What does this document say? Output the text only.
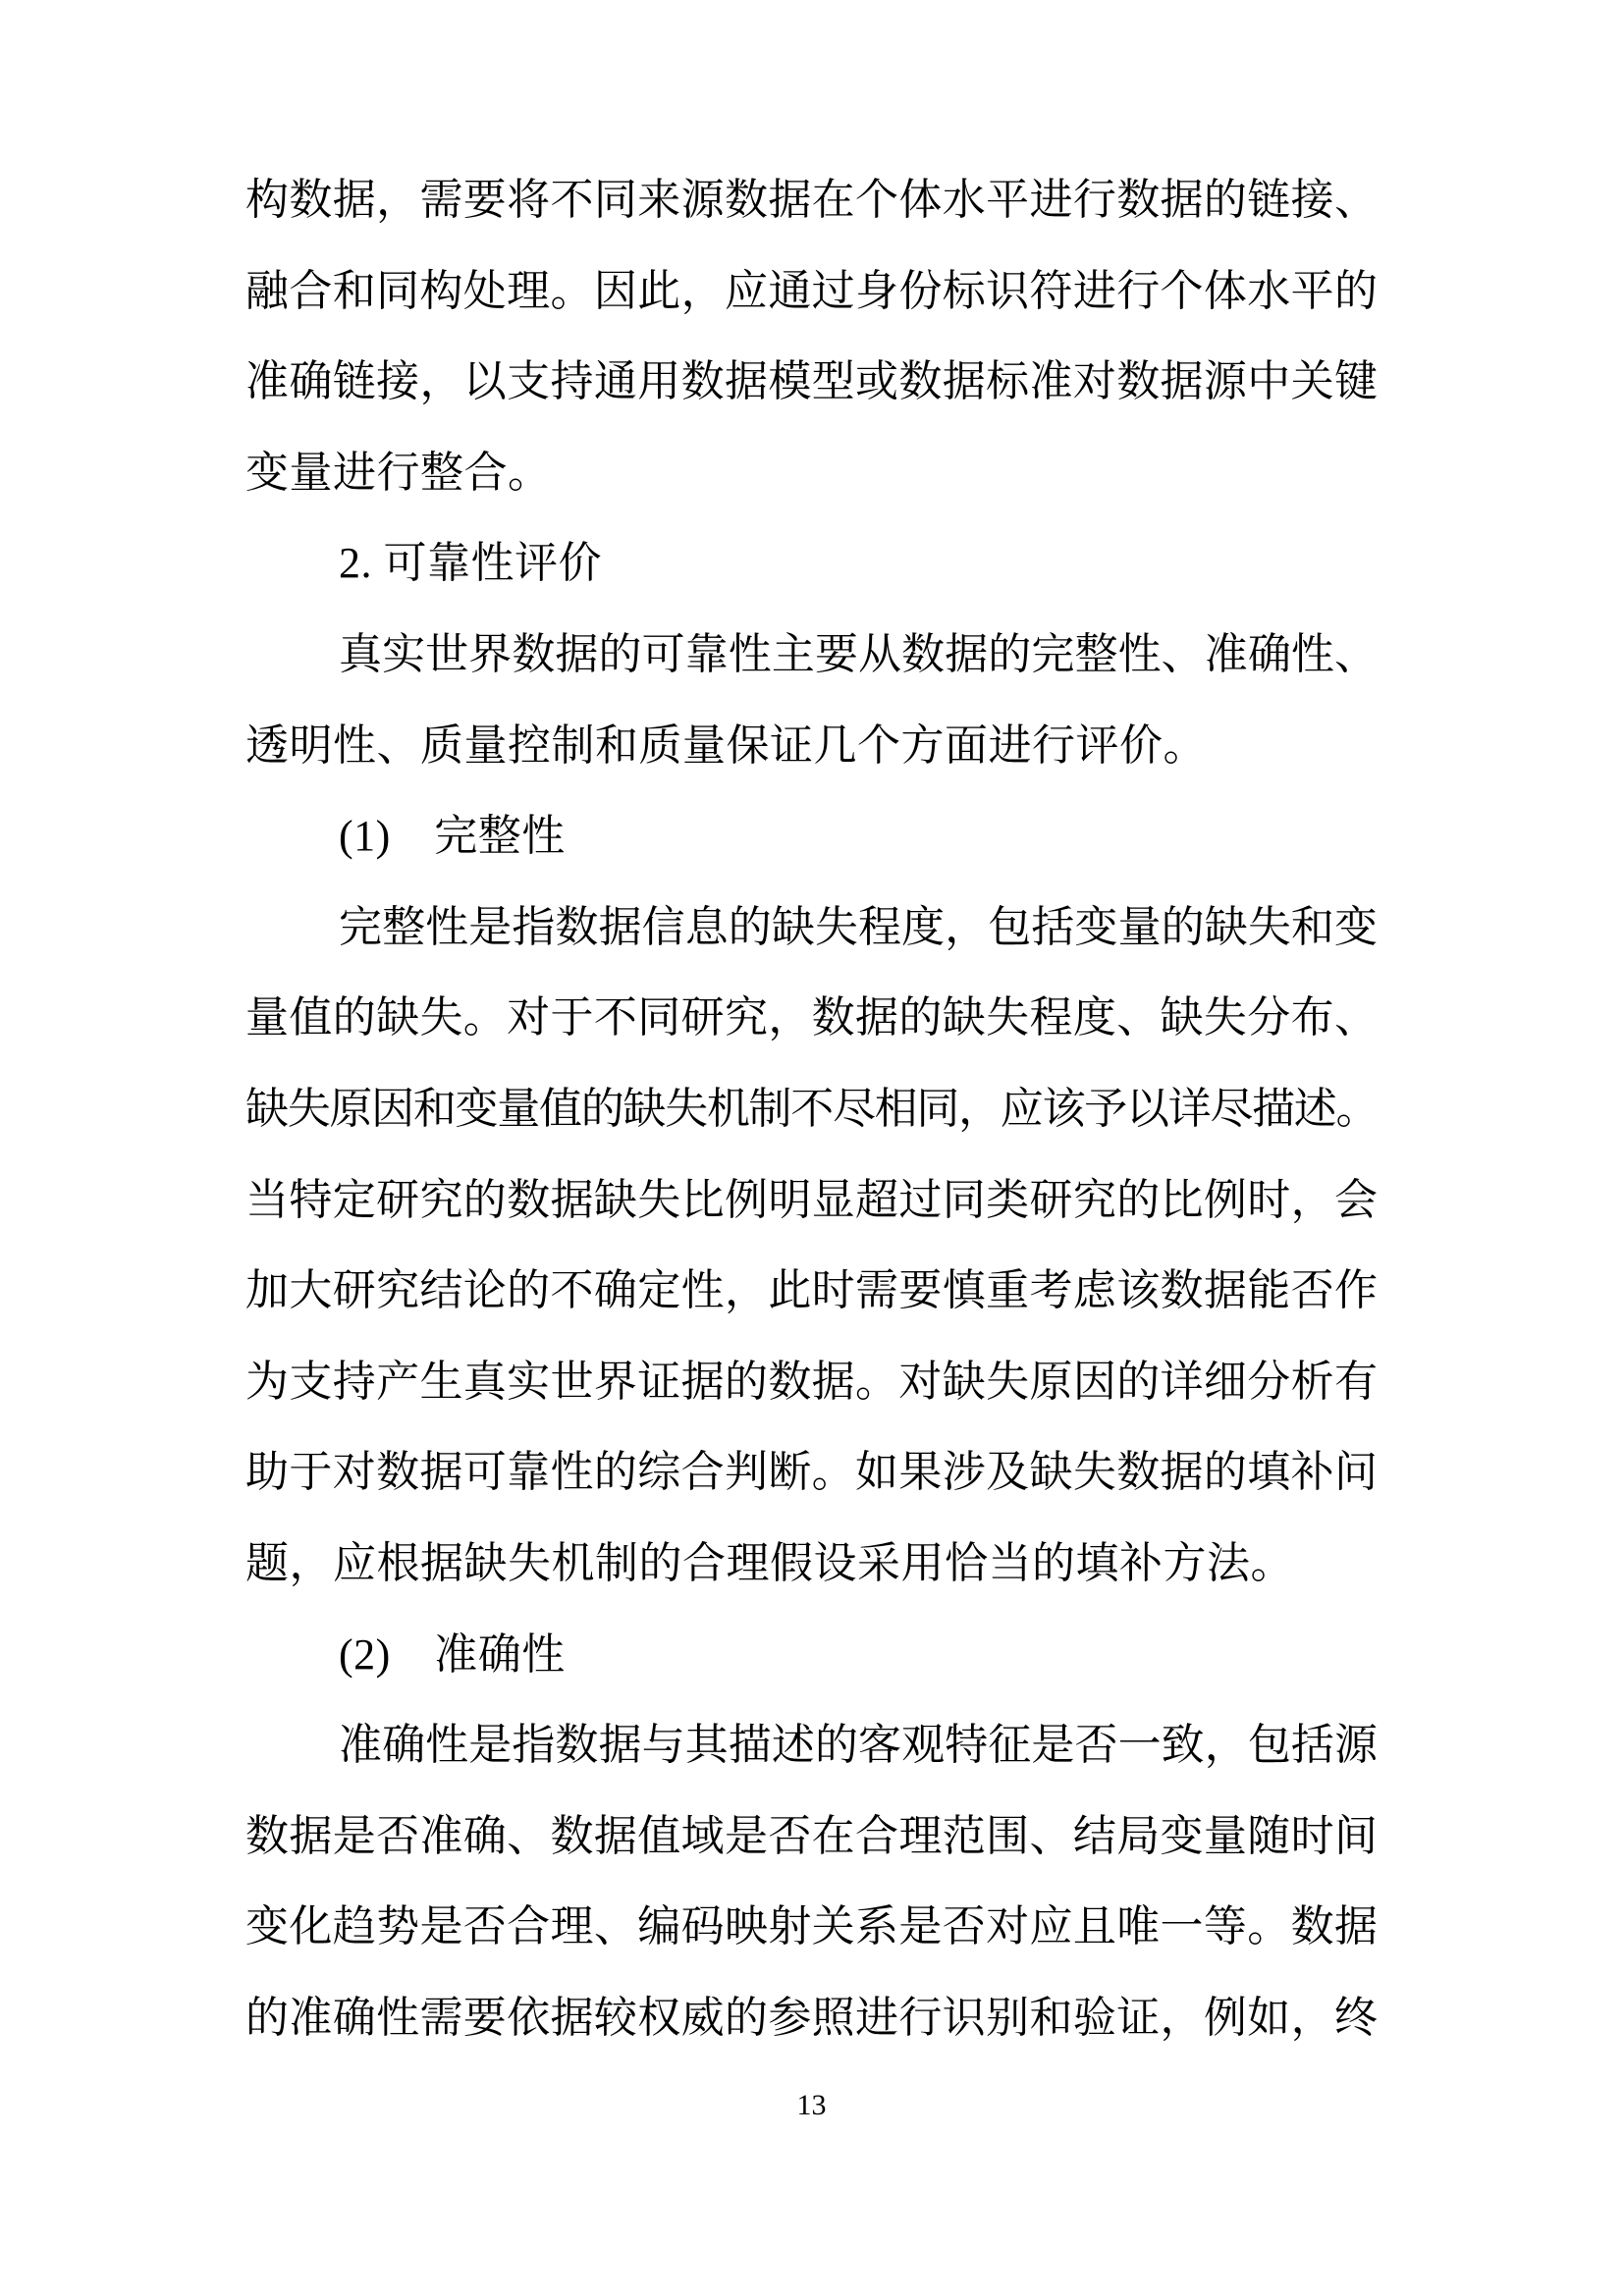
构数据，需要将不同来源数据在个体水平进行数据的链接、
融合和同构处理。因此，应通过身份标识符进行个体水平的
准确链接，以支持通用数据模型或数据标准对数据源中关键
变量进行整合。
2. 可靠性评价
真实世界数据的可靠性主要从数据的完整性、准确性、
透明性、质量控制和质量保证几个方面进行评价。
(1)　完整性
完整性是指数据信息的缺失程度，包括变量的缺失和变
量值的缺失。对于不同研究，数据的缺失程度、缺失分布、
缺失原因和变量值的缺失机制不尽相同，应该予以详尽描述。
当特定研究的数据缺失比例明显超过同类研究的比例时，会
加大研究结论的不确定性，此时需要慎重考虑该数据能否作
为支持产生真实世界证据的数据。对缺失原因的详细分析有
助于对数据可靠性的综合判断。如果涉及缺失数据的填补问
题，应根据缺失机制的合理假设采用恰当的填补方法。
(2)　准确性
准确性是指数据与其描述的客观特征是否一致，包括源
数据是否准确、数据值域是否在合理范围、结局变量随时间
变化趋势是否合理、编码映射关系是否对应且唯一等。数据
的准确性需要依据较权威的参照进行识别和验证，例如，终
13
